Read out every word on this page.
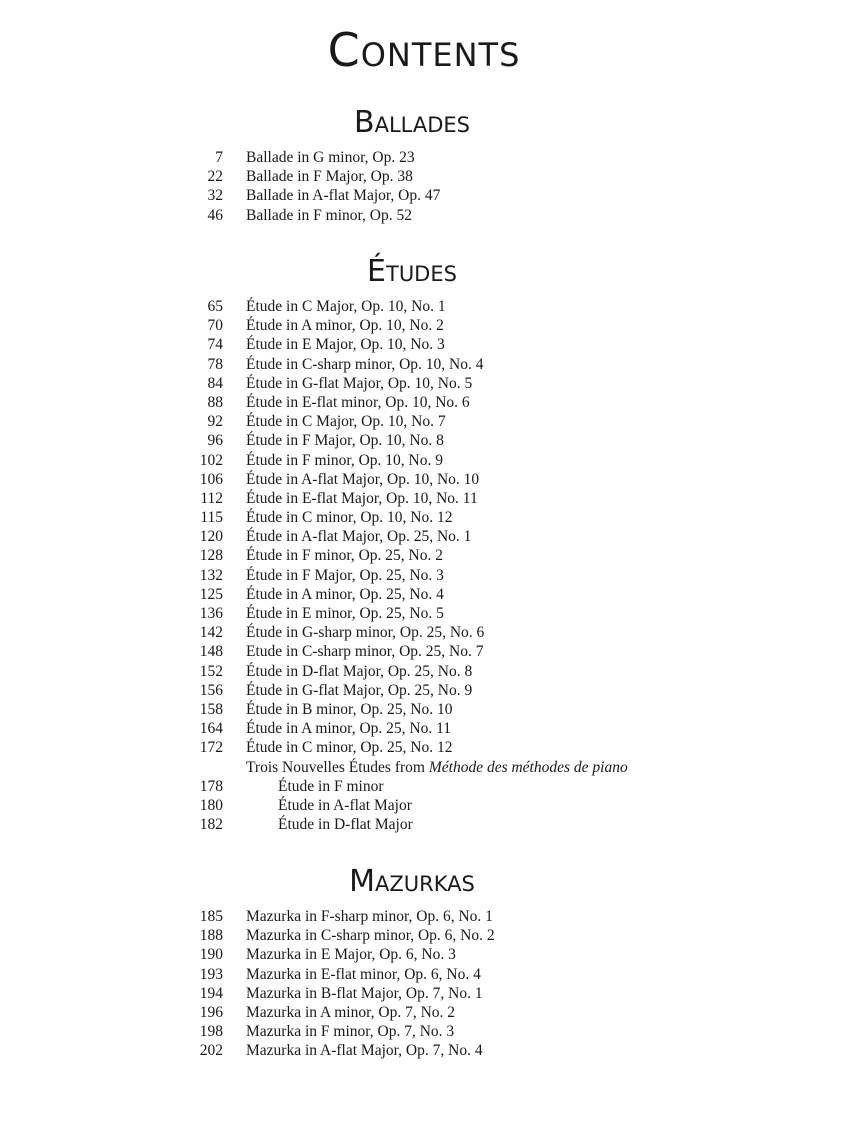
Contents
Ballades
7 Ballade in G minor, Op. 23
22 Ballade in F Major, Op. 38
32 Ballade in A-flat Major, Op. 47
46 Ballade in F minor, Op. 52
Études
65 Étude in C Major, Op. 10, No. 1
70 Étude in A minor, Op. 10, No. 2
74 Étude in E Major, Op. 10, No. 3
78 Étude in C-sharp minor, Op. 10, No. 4
84 Étude in G-flat Major, Op. 10, No. 5
88 Étude in E-flat minor, Op. 10, No. 6
92 Étude in C Major, Op. 10, No. 7
96 Étude in F Major, Op. 10, No. 8
102 Étude in F minor, Op. 10, No. 9
106 Étude in A-flat Major, Op. 10, No. 10
112 Étude in E-flat Major, Op. 10, No. 11
115 Étude in C minor, Op. 10, No. 12
120 Étude in A-flat Major, Op. 25, No. 1
128 Étude in F minor, Op. 25, No. 2
132 Étude in F Major, Op. 25, No. 3
125 Étude in A minor, Op. 25, No. 4
136 Étude in E minor, Op. 25, No. 5
142 Étude in G-sharp minor, Op. 25, No. 6
148 Etude in C-sharp minor, Op. 25, No. 7
152 Étude in D-flat Major, Op. 25, No. 8
156 Étude in G-flat Major, Op. 25, No. 9
158 Étude in B minor, Op. 25, No. 10
164 Étude in A minor, Op. 25, No. 11
172 Étude in C minor, Op. 25, No. 12
Trois Nouvelles Études from Méthode des méthodes de piano
178	Étude in F minor
180	Étude in A-flat Major
182	Étude in D-flat Major
Mazurkas
185 Mazurka in F-sharp minor, Op. 6, No. 1
188 Mazurka in C-sharp minor, Op. 6, No. 2
190 Mazurka in E Major, Op. 6, No. 3
193 Mazurka in E-flat minor, Op. 6, No. 4
194 Mazurka in B-flat Major, Op. 7, No. 1
196 Mazurka in A minor, Op. 7, No. 2
198 Mazurka in F minor, Op. 7, No. 3
202 Mazurka in A-flat Major, Op. 7, No. 4
